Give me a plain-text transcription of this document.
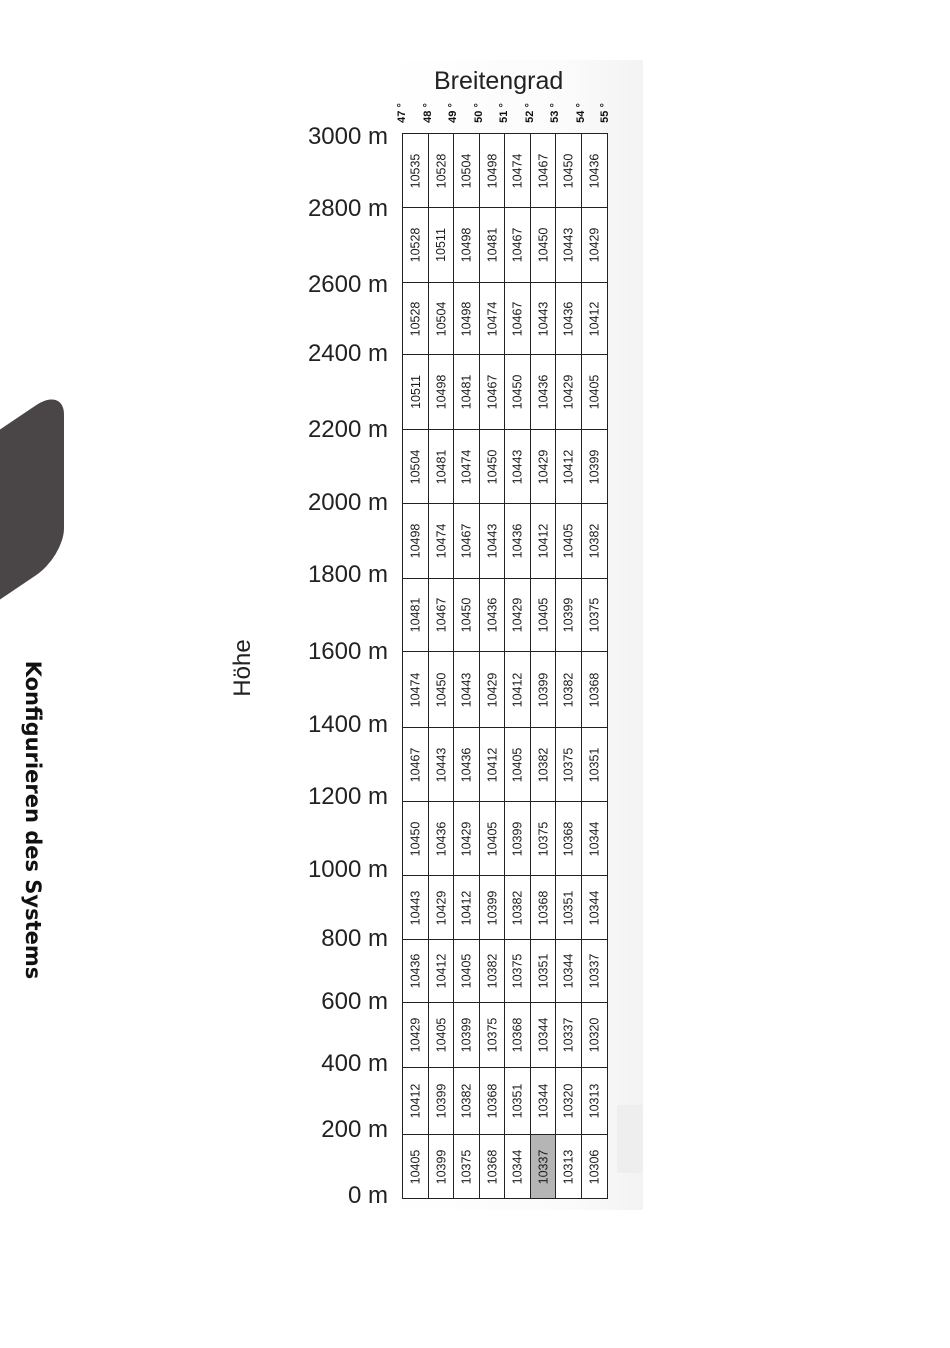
Konfigurieren des Systems	Höhe
Breitengrad
47 ° 48 ° 49 ° 50 ° 51 ° 52 ° 53 ° 54 ° 55 °
3000 m
2800 m
2600 m
2400 m
2200 m
2000 m
1800 m
1600 m
1400 m
1200 m
1000 m
800 m
600 m
400 m
200 m
0 m
10535 10528 10504 10498 10474 10467 10450 10436
10528 10511 10498 10481 10467 10450 10443 10429
10528 10504 10498 10474 10467 10443 10436 10412
10511 10498 10481 10467 10450 10436 10429 10405
10504 10481 10474 10450 10443 10429 10412 10399
10498 10474 10467 10443 10436 10412 10405 10382
10481 10467 10450 10436 10429 10405 10399 10375
10474 10450 10443 10429 10412 10399 10382 10368
10467 10443 10436 10412 10405 10382 10375 10351
10450 10436 10429 10405 10399 10375 10368 10344
10443 10429 10412 10399 10382 10368 10351 10344
10436 10412 10405 10382 10375 10351 10344 10337
10429 10405 10399 10375 10368 10344 10337 10320
10412 10399 10382 10368 10351 10344 10320 10313
10405 10399 10375 10368 10344 10337 10313 10306
